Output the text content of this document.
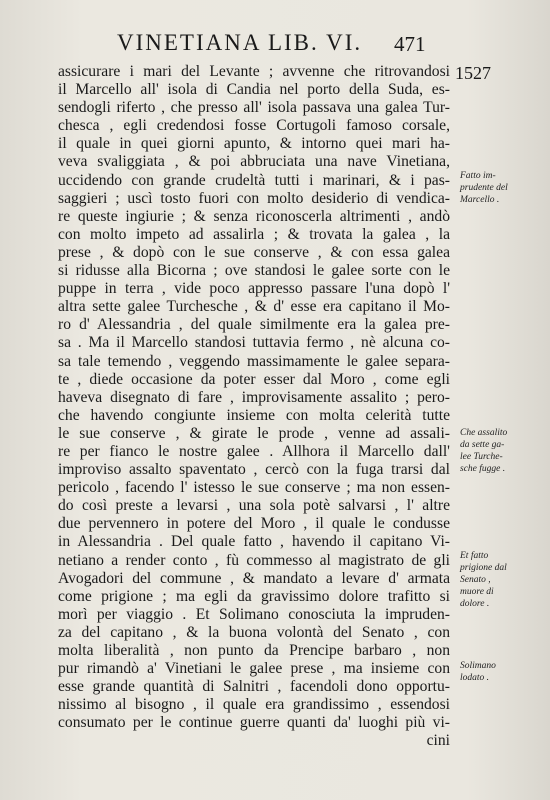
VINETIANA LIB. VI. 471
1527
assicurare i mari del Levante ; avvenne che ritrovandosi
il Marcello all' isola di Candia nel porto della Suda, es-
sendogli riferto , che presso all' isola passava una galea Tur-
chesca , egli credendosi fosse Cortugoli famoso corsale,
il quale in quei giorni apunto, & intorno quei mari ha-
veva svaliggiata , & poi abbruciata una nave Vinetiana,
uccidendo con grande crudeltà tutti i marinari, & i pas-
saggieri ; uscì tosto fuori con molto desiderio di vendica-
re queste ingiurie ; & senza riconoscerla altrimenti , andò
con molto impeto ad assalirla ; & trovata la galea , la
prese , & dopò con le sue conserve , & con essa galea
si ridusse alla Bicorna ; ove standosi le galee sorte con le
puppe in terra , vide poco appresso passare l'una dopò l'
altra sette galee Turchesche , & d' esse era capitano il Mo-
ro d' Alessandria , del quale similmente era la galea pre-
sa . Ma il Marcello standosi tuttavia fermo , nè alcuna co-
sa tale temendo , veggendo massimamente le galee separa-
te , diede occasione da poter esser dal Moro , come egli
haveva disegnato di fare , improvisamente assalito ; pero-
che havendo congiunte insieme con molta celerità tutte
le sue conserve , & girate le prode , venne ad assali-
re per fianco le nostre galee . Allhora il Marcello dall'
improviso assalto spaventato , cercò con la fuga trarsi dal
pericolo , facendo l' istesso le sue conserve ; ma non essen-
do così preste a levarsi , una sola potè salvarsi , l' altre
due pervennero in potere del Moro , il quale le condusse
in Alessandria . Del quale fatto , havendo il capitano Vi-
netiano a render conto , fù commesso al magistrato de gli
Avogadori del commune , & mandato a levare d' armata
come prigione ; ma egli da gravissimo dolore trafitto si
morì per viaggio . Et Solimano conosciuta la impruden-
za del capitano , & la buona volontà del Senato , con
molta liberalità , non punto da Prencipe barbaro , non
pur rimandò a' Vinetiani le galee prese , ma insieme con
esse grande quantità di Salnitri , facendoli dono opportu-
nissimo al bisogno , il quale era grandissimo , essendosi
consumato per le continue guerre quanti da' luoghi più vi-
cini
Fatto im-
prudente del
Marcello .
Che assalito
da sette ga-
lee Turche-
sche fugge .
Et fatto
prigione dal
Senato ,
muore di
dolore .
Solimano
lodato .
